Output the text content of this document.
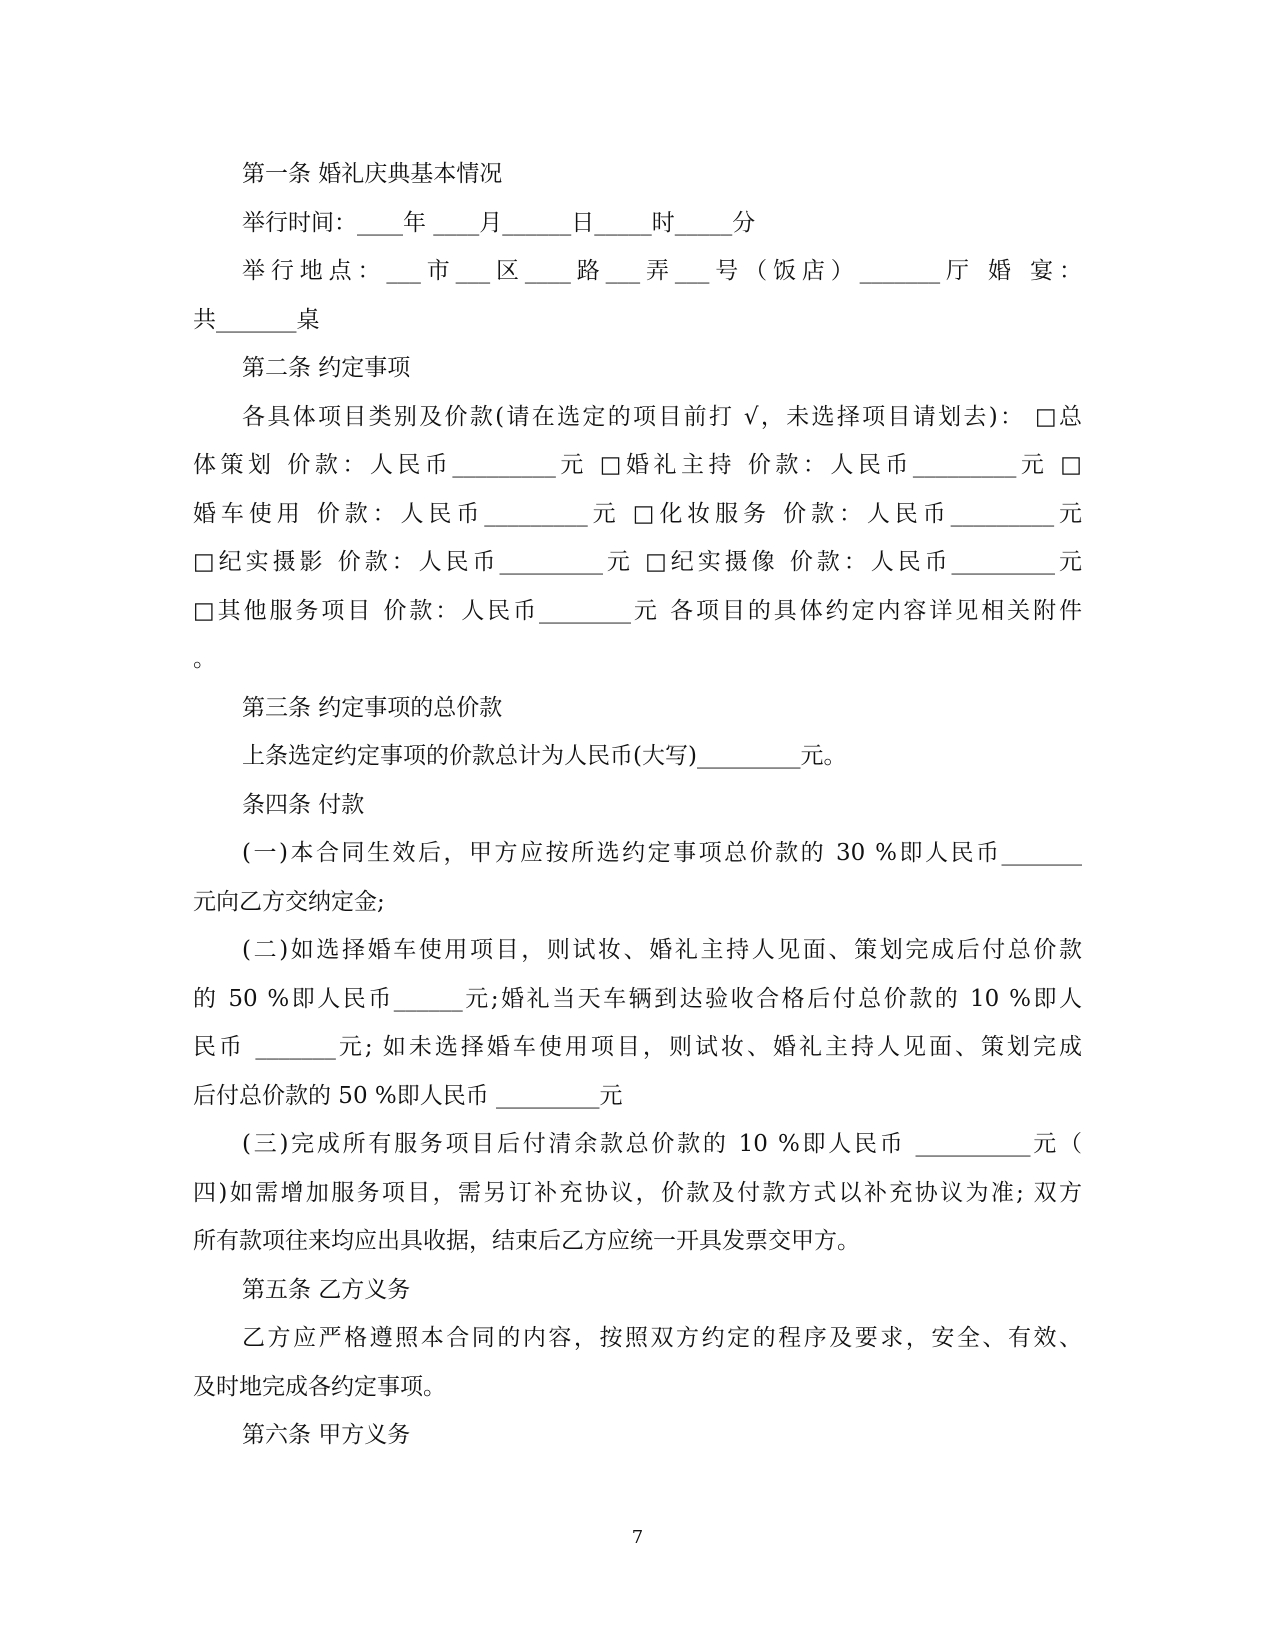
第一条 婚礼庆典基本情况
举行时间：____年 ____月______日_____时_____分
举行地点：___市___区____路___弄___号（饭店）_______厅 婚 宴：
共_______桌
第二条 约定事项
各具体项目类别及价款(请在选定的项目前打 √，未选择项目请划去)： □总
体策划 价款：人民币_________元 □婚礼主持 价款：人民币_________元 □
婚车使用 价款：人民币_________元 □化妆服务 价款：人民币_________元
□纪实摄影 价款：人民币_________元 □纪实摄像 价款：人民币_________元
□其他服务项目 价款：人民币________元 各项目的具体约定内容详见相关附件
。
第三条 约定事项的总价款
上条选定约定事项的价款总计为人民币(大写)_________元。
条四条 付款
(一)本合同生效后，甲方应按所选约定事项总价款的 30 %即人民币_______
元向乙方交纳定金;
(二)如选择婚车使用项目，则试妆、婚礼主持人见面、策划完成后付总价款
的 50 %即人民币______元;婚礼当天车辆到达验收合格后付总价款的 10 %即人
民币 _______元; 如未选择婚车使用项目，则试妆、婚礼主持人见面、策划完成
后付总价款的 50 %即人民币 _________元
(三)完成所有服务项目后付清余款总价款的 10 %即人民币 __________元（
四)如需增加服务项目，需另订补充协议，价款及付款方式以补充协议为准; 双方
所有款项往来均应出具收据，结束后乙方应统一开具发票交甲方。
第五条 乙方义务
乙方应严格遵照本合同的内容，按照双方约定的程序及要求，安全、有效、
及时地完成各约定事项。
第六条 甲方义务
7
